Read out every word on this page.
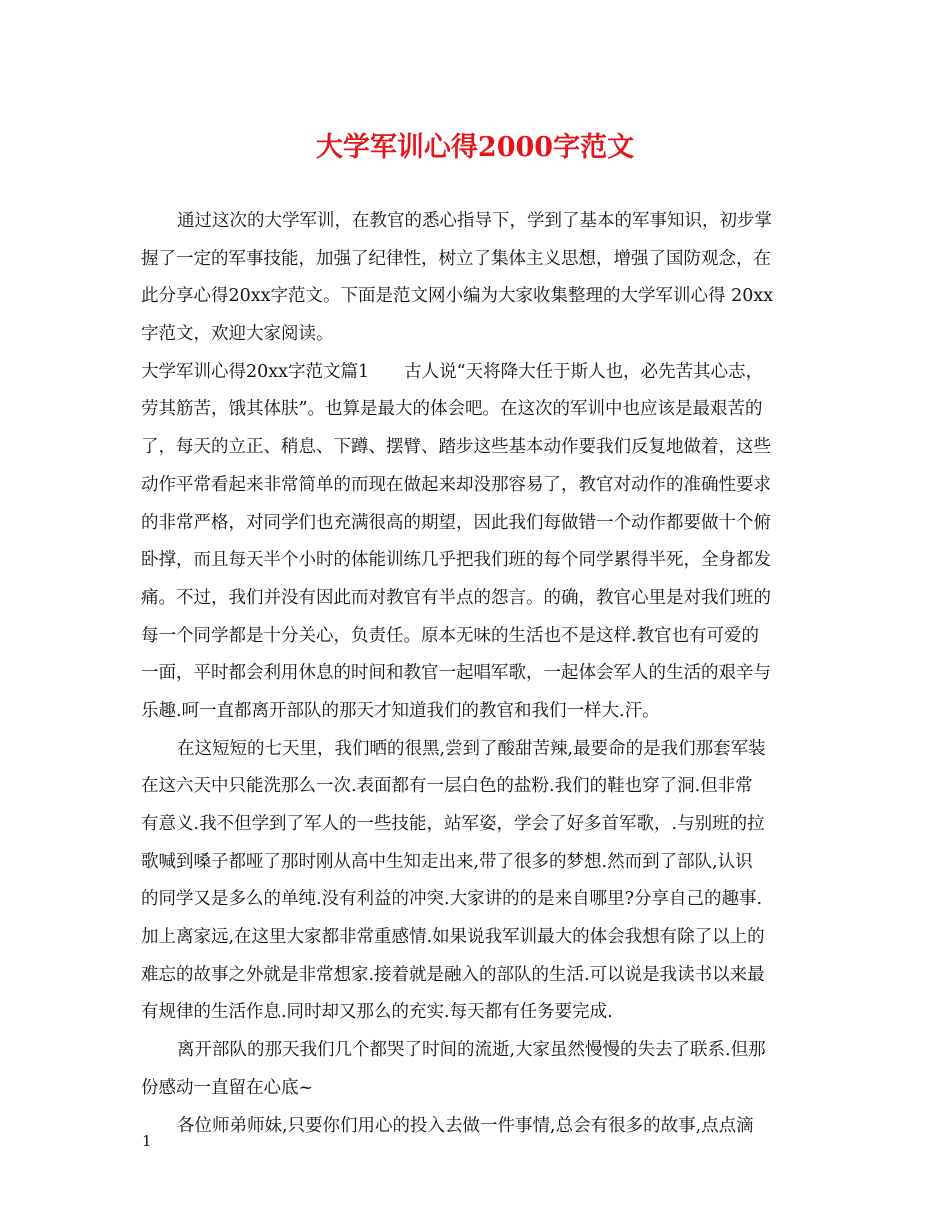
大学军训心得2000字范文
通过这次的大学军训，在教官的悉心指导下，学到了基本的军事知识，初步掌
握了一定的军事技能，加强了纪律性，树立了集体主义思想，增强了国防观念，在
此分享心得20xx字范文。下面是范文网小编为大家收集整理的大学军训心得 20xx
字范文，欢迎大家阅读。
大学军训心得20xx字范文篇1　　古人说“天将降大任于斯人也，必先苦其心志，
劳其筋苦，饿其体肤”。也算是最大的体会吧。在这次的军训中也应该是最艰苦的
了，每天的立正、稍息、下蹲、摆臂、踏步这些基本动作要我们反复地做着，这些
动作平常看起来非常简单的而现在做起来却没那容易了，教官对动作的准确性要求
的非常严格，对同学们也充满很高的期望，因此我们每做错一个动作都要做十个俯
卧撑，而且每天半个小时的体能训练几乎把我们班的每个同学累得半死，全身都发
痛。不过，我们并没有因此而对教官有半点的怨言。的确，教官心里是对我们班的
每一个同学都是十分关心，负责任。原本无味的生活也不是这样.教官也有可爱的
一面，平时都会利用休息的时间和教官一起唱军歌，一起体会军人的生活的艰辛与
乐趣.呵一直都离开部队的那天才知道我们的教官和我们一样大.汗。
在这短短的七天里，我们晒的很黑,尝到了酸甜苦辣,最要命的是我们那套军装
在这六天中只能洗那么一次.表面都有一层白色的盐粉.我们的鞋也穿了洞.但非常
有意义.我不但学到了军人的一些技能，站军姿，学会了好多首军歌，.与别班的拉
歌喊到嗓子都哑了那时刚从高中生知走出来,带了很多的梦想.然而到了部队,认识
的同学又是多么的单纯.没有利益的冲突.大家讲的的是来自哪里?分享自己的趣事.
加上离家远,在这里大家都非常重感情.如果说我军训最大的体会我想有除了以上的
难忘的故事之外就是非常想家.接着就是融入的部队的生活.可以说是我读书以来最
有规律的生活作息.同时却又那么的充实.每天都有任务要完成.
离开部队的那天我们几个都哭了时间的流逝,大家虽然慢慢的失去了联系.但那
份感动一直留在心底~
各位师弟师妹,只要你们用心的投入去做一件事情,总会有很多的故事,点点滴
1
